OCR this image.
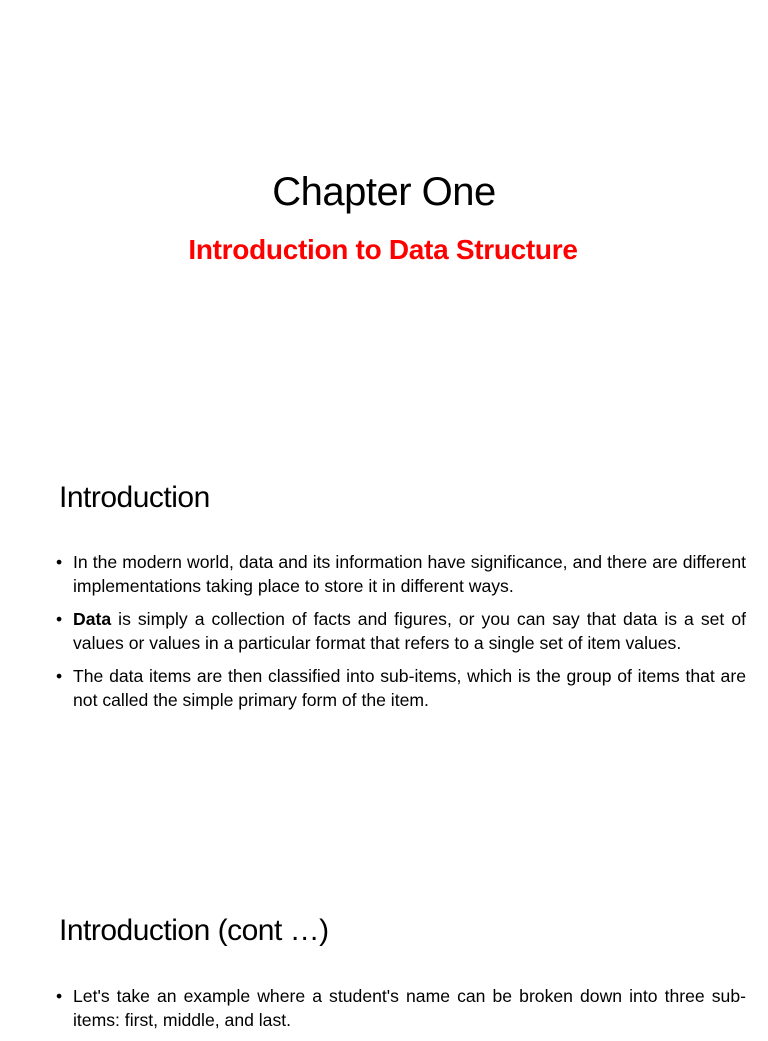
Chapter One
Introduction to Data Structure
Introduction
• In the modern world, data and its information have significance, and there are different implementations taking place to store it in different ways.
• Data is simply a collection of facts and figures, or you can say that data is a set of values or values in a particular format that refers to a single set of item values.
• The data items are then classified into sub-items, which is the group of items that are not called the simple primary form of the item.
Introduction (cont …)
• Let's take an example where a student's name can be broken down into three sub-items: first, middle, and last.
